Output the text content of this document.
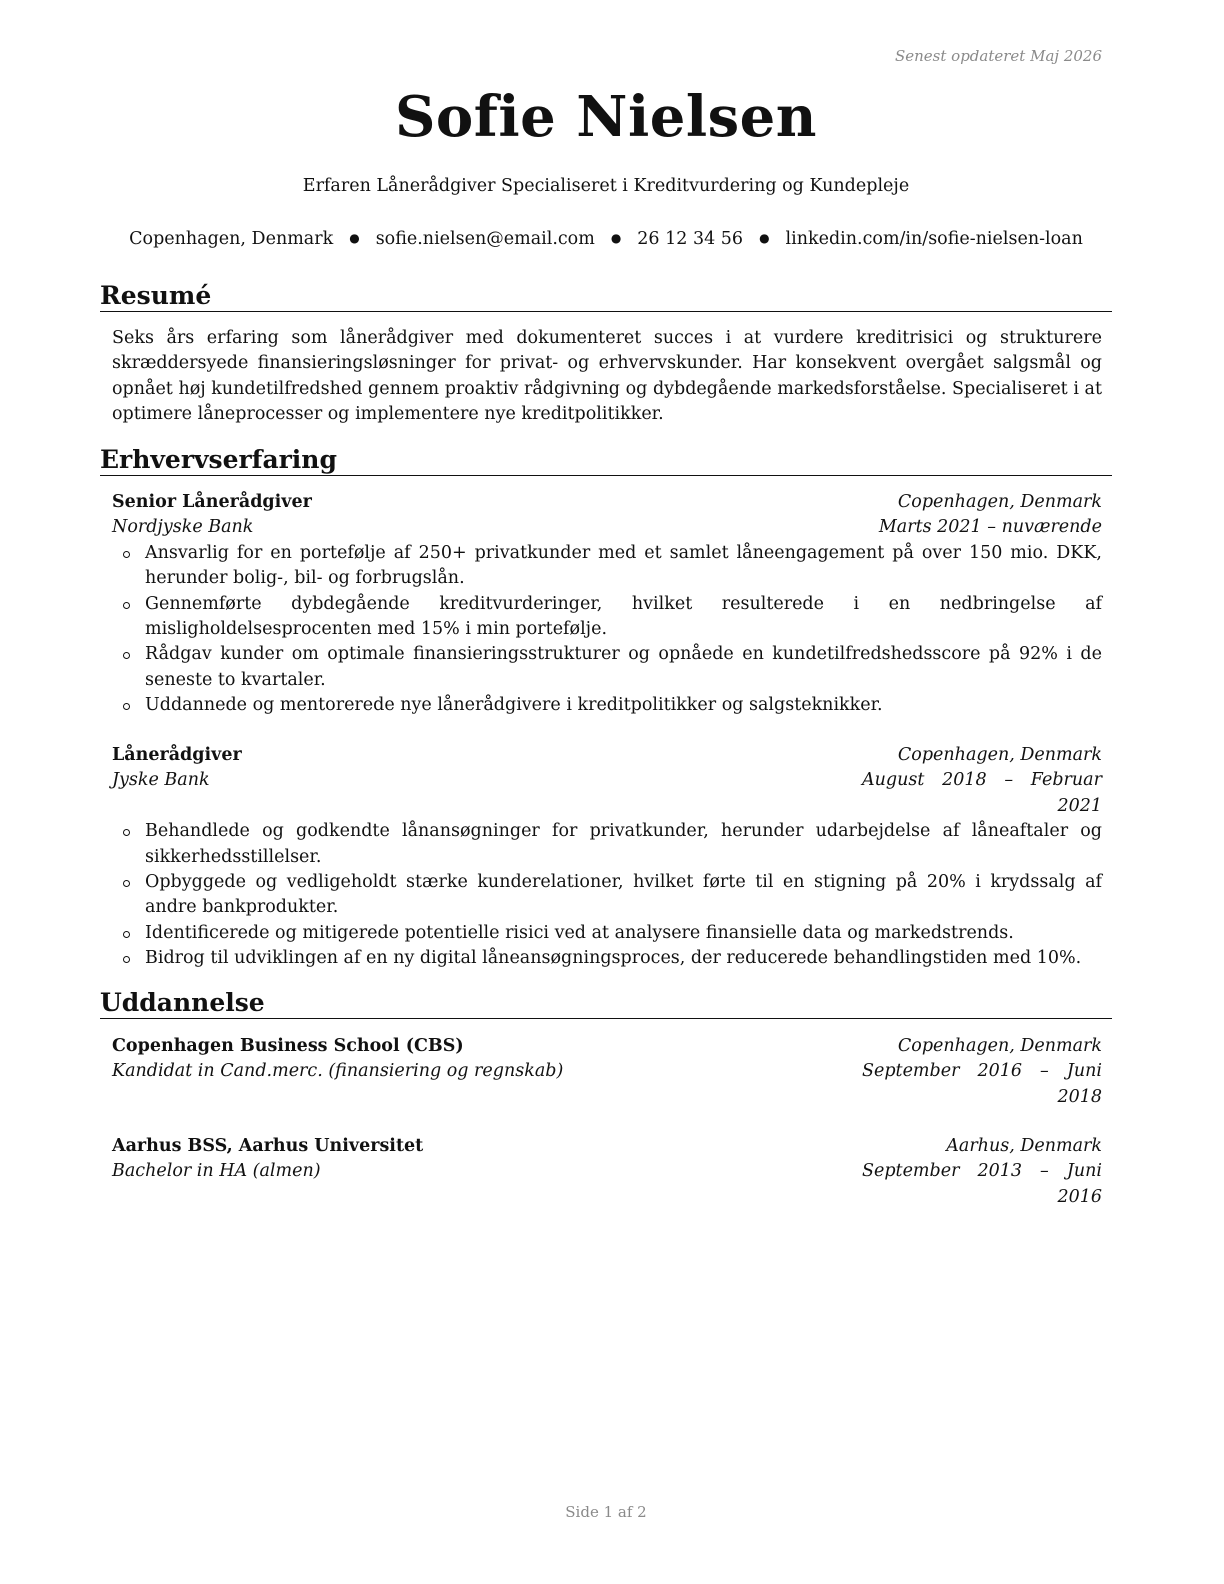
Senest opdateret Maj 2026
Sofie Nielsen
Erfaren Lånerådgiver Specialiseret i Kreditvurdering og Kundepleje
Copenhagen, Denmark ● sofie.nielsen@email.com ● 26 12 34 56 ● linkedin.com/in/sofie-nielsen-loan
Resumé
Seks års erfaring som lånerådgiver med dokumenteret succes i at vurdere kreditrisici og strukturere skræddersyede finansieringsløsninger for privat- og erhvervskunder. Har konsekvent overgået salgsmål og opnået høj kundetilfredshed gennem proaktiv rådgivning og dybdegående markedsforståelse. Specialiseret i at optimere låneprocesser og implementere nye kreditpolitikker.
Erhvervserfaring
Senior Lånerådgiver	Copenhagen, Denmark
Nordjyske Bank	Marts 2021 – nuværende
Ansvarlig for en portefølje af 250+ privatkunder med et samlet låneengagement på over 150 mio. DKK, herunder bolig-, bil- og forbrugslån.
Gennemførte dybdegående kreditvurderinger, hvilket resulterede i en nedbringelse af misligholdelsesprocenten med 15% i min portefølje.
Rådgav kunder om optimale finansieringsstrukturer og opnåede en kundetilfredshedsscore på 92% i de seneste to kvartaler.
Uddannede og mentorerede nye lånerådgivere i kreditpolitikker og salgsteknikker.
Lånerådgiver	Copenhagen, Denmark
Jyske Bank	August 2018 – Februar 2021
Behandlede og godkendte lånansøgninger for privatkunder, herunder udarbejdelse af låneaftaler og sikkerhedsstillelser.
Opbyggede og vedligeholdt stærke kunderelationer, hvilket førte til en stigning på 20% i krydssalg af andre bankprodukter.
Identificerede og mitigerede potentielle risici ved at analysere finansielle data og markedstrends.
Bidrog til udviklingen af en ny digital låneansøgningsproces, der reducerede behandlingstiden med 10%.
Uddannelse
Copenhagen Business School (CBS)	Copenhagen, Denmark
Kandidat in Cand.merc. (finansiering og regnskab)	September 2016 – Juni 2018
Aarhus BSS, Aarhus Universitet	Aarhus, Denmark
Bachelor in HA (almen)	September 2013 – Juni 2016
Side 1 af 2
